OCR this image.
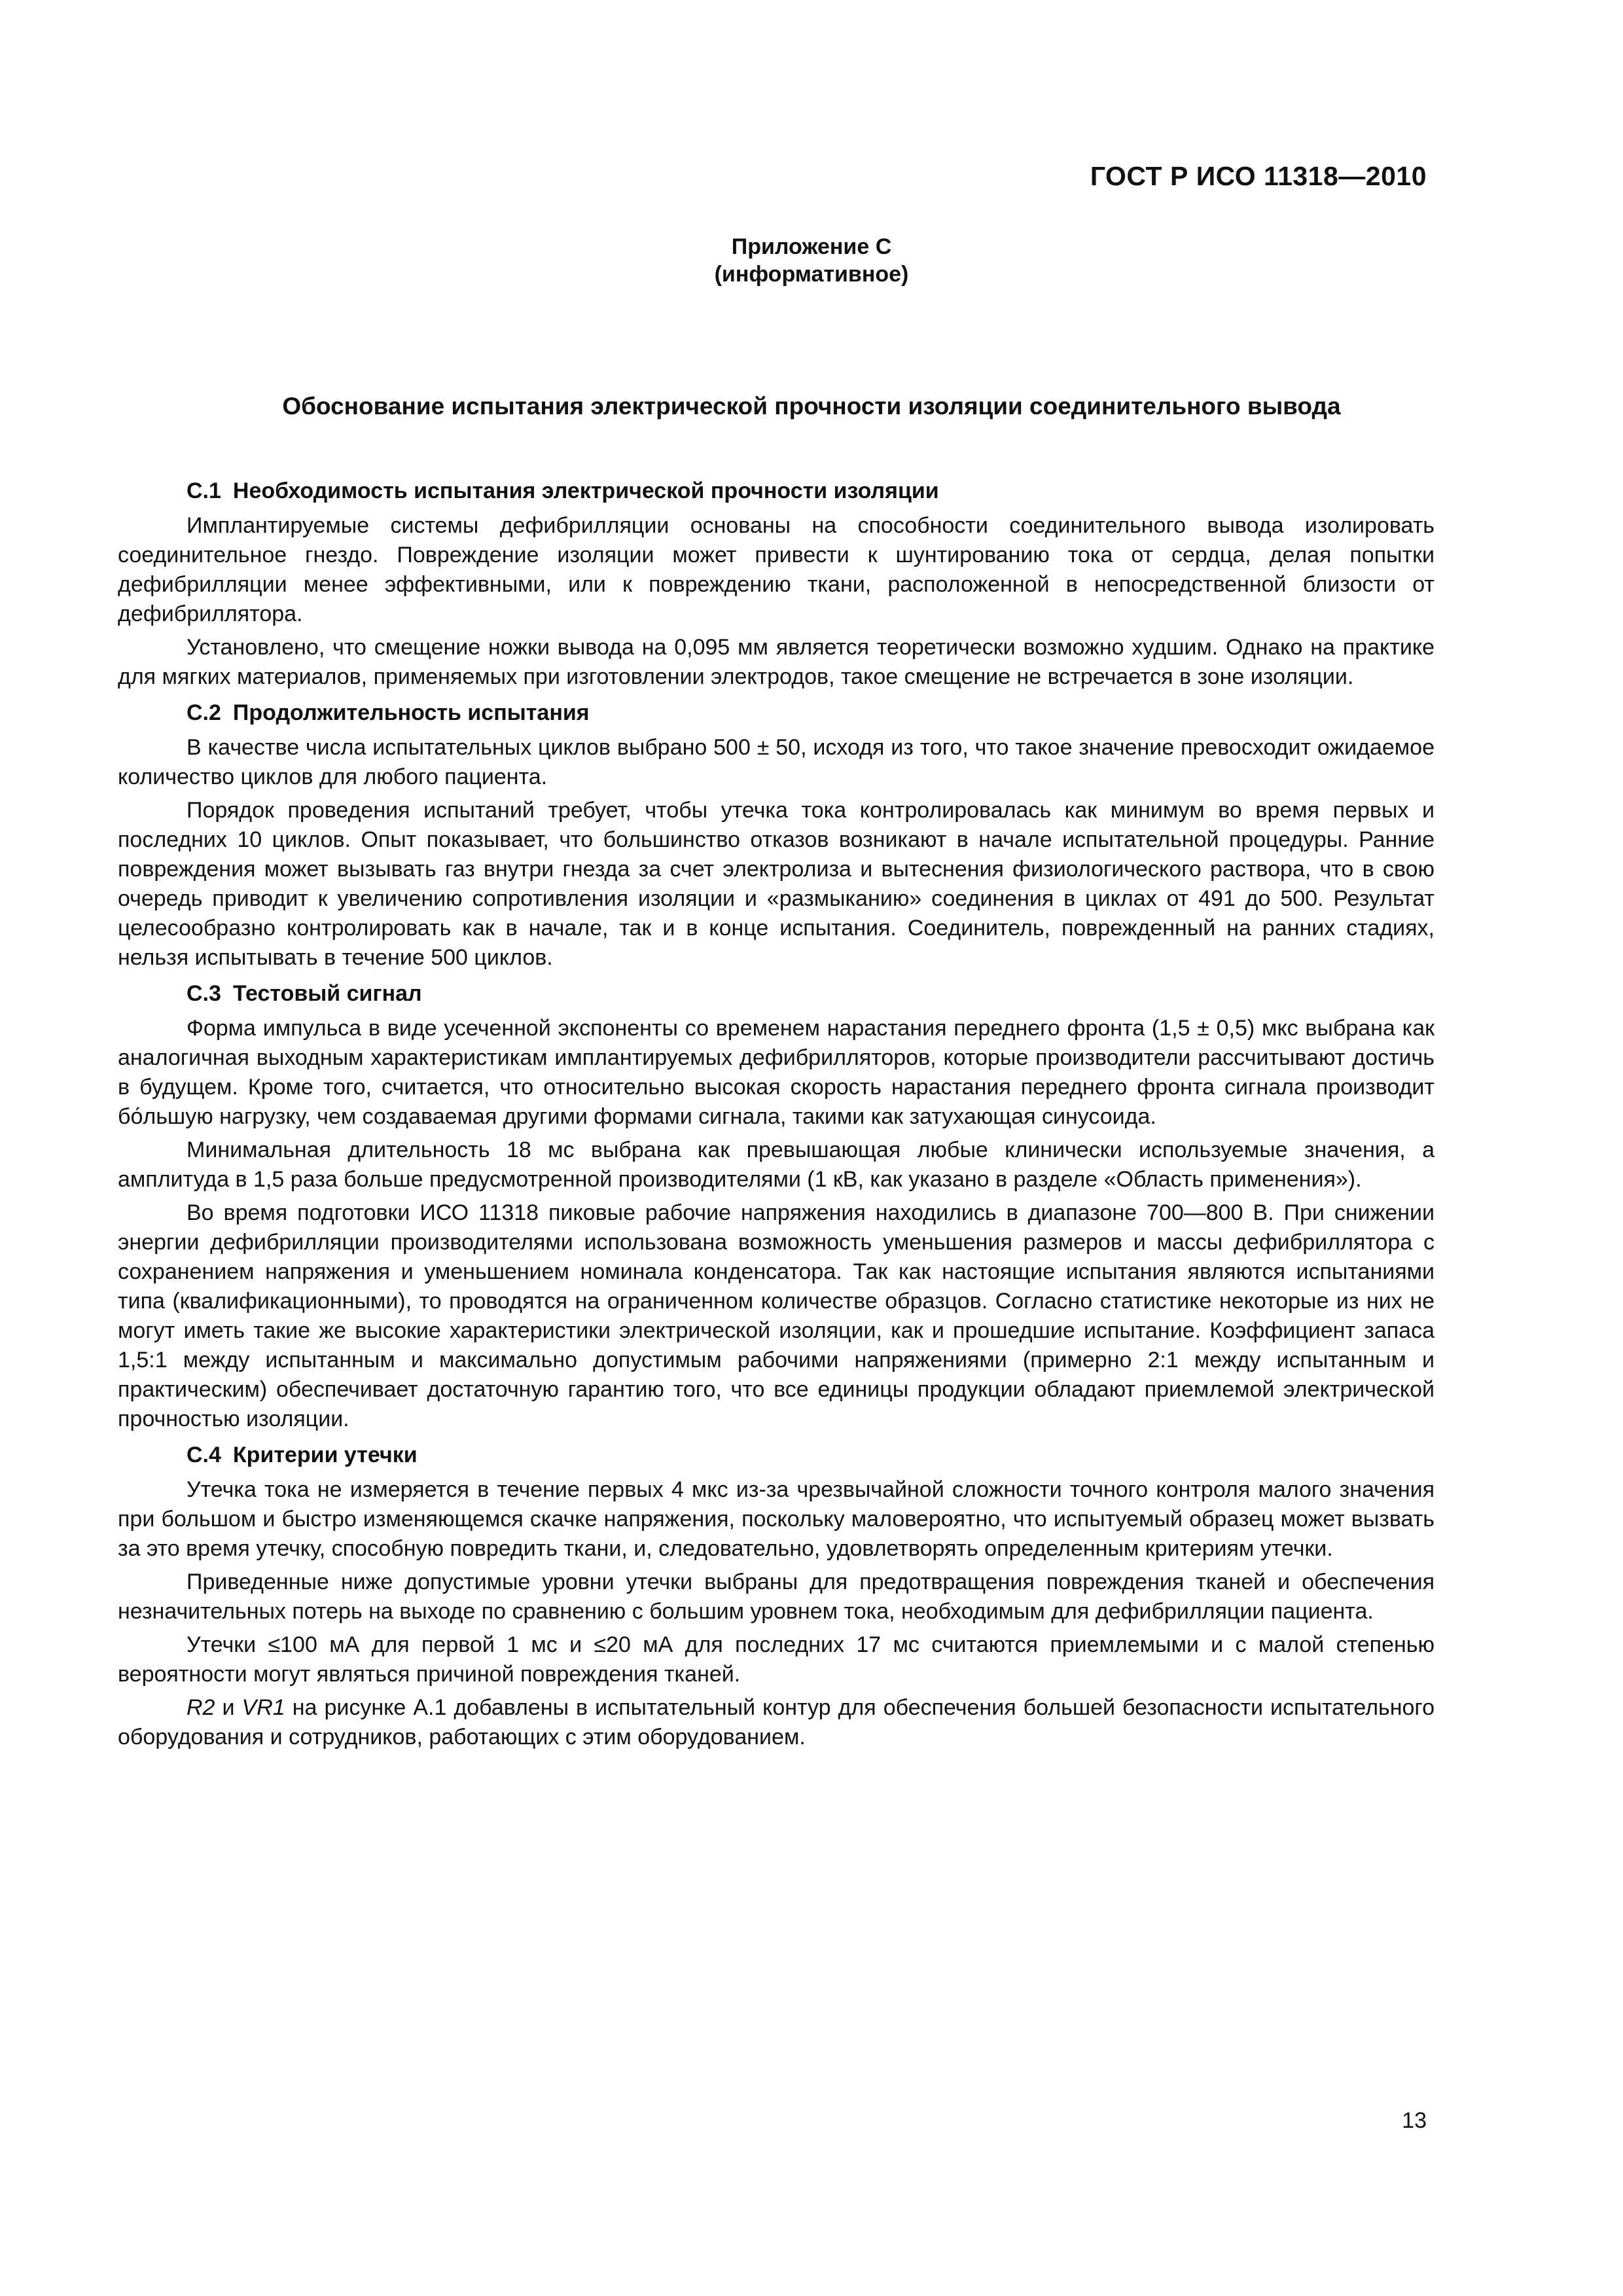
ГОСТ Р ИСО 11318—2010
Приложение С
(информативное)
Обоснование испытания электрической прочности изоляции соединительного вывода
С.1 Необходимость испытания электрической прочности изоляции

Имплантируемые системы дефибрилляции основаны на способности соединительного вывода изолировать соединительное гнездо. Повреждение изоляции может привести к шунтированию тока от сердца, делая попытки дефибрилляции менее эффективными, или к повреждению ткани, расположенной в непосредственной близости от дефибриллятора.

Установлено, что смещение ножки вывода на 0,095 мм является теоретически возможно худшим. Однако на практике для мягких материалов, применяемых при изготовлении электродов, такое смещение не встречается в зоне изоляции.

С.2 Продолжительность испытания

В качестве числа испытательных циклов выбрано 500 ± 50, исходя из того, что такое значение превосходит ожидаемое количество циклов для любого пациента.

Порядок проведения испытаний требует, чтобы утечка тока контролировалась как минимум во время первых и последних 10 циклов. Опыт показывает, что большинство отказов возникают в начале испытательной процедуры. Ранние повреждения может вызывать газ внутри гнезда за счет электролиза и вытеснения физиологического раствора, что в свою очередь приводит к увеличению сопротивления изоляции и «размыканию» соединения в циклах от 491 до 500. Результат целесообразно контролировать как в начале, так и в конце испытания. Соединитель, поврежденный на ранних стадиях, нельзя испытывать в течение 500 циклов.

С.3 Тестовый сигнал

Форма импульса в виде усеченной экспоненты со временем нарастания переднего фронта (1,5 ± 0,5) мкс выбрана как аналогичная выходным характеристикам имплантируемых дефибрилляторов, которые производители рассчитывают достичь в будущем. Кроме того, считается, что относительно высокая скорость нарастания переднего фронта сигнала производит бо́льшую нагрузку, чем создаваемая другими формами сигнала, такими как затухающая синусоида.

Минимальная длительность 18 мс выбрана как превышающая любые клинически используемые значения, а амплитуда в 1,5 раза больше предусмотренной производителями (1 кВ, как указано в разделе «Область применения»).

Во время подготовки ИСО 11318 пиковые рабочие напряжения находились в диапазоне 700—800 В. При снижении энергии дефибрилляции производителями использована возможность уменьшения размеров и массы дефибриллятора с сохранением напряжения и уменьшением номинала конденсатора. Так как настоящие испытания являются испытаниями типа (квалификационными), то проводятся на ограниченном количестве образцов. Согласно статистике некоторые из них не могут иметь такие же высокие характеристики электрической изоляции, как и прошедшие испытание. Коэффициент запаса 1,5:1 между испытанным и максимально допустимым рабочими напряжениями (примерно 2:1 между испытанным и практическим) обеспечивает достаточную гарантию того, что все единицы продукции обладают приемлемой электрической прочностью изоляции.

С.4 Критерии утечки

Утечка тока не измеряется в течение первых 4 мкс из-за чрезвычайной сложности точного контроля малого значения при большом и быстро изменяющемся скачке напряжения, поскольку маловероятно, что испытуемый образец может вызвать за это время утечку, способную повредить ткани, и, следовательно, удовлетворять определенным критериям утечки.

Приведенные ниже допустимые уровни утечки выбраны для предотвращения повреждения тканей и обеспечения незначительных потерь на выходе по сравнению с большим уровнем тока, необходимым для дефибрилляции пациента.

Утечки ≤100 мА для первой 1 мс и ≤20 мА для последних 17 мс считаются приемлемыми и с малой степенью вероятности могут являться причиной повреждения тканей.

R2 и VR1 на рисунке А.1 добавлены в испытательный контур для обеспечения большей безопасности испытательного оборудования и сотрудников, работающих с этим оборудованием.

13
